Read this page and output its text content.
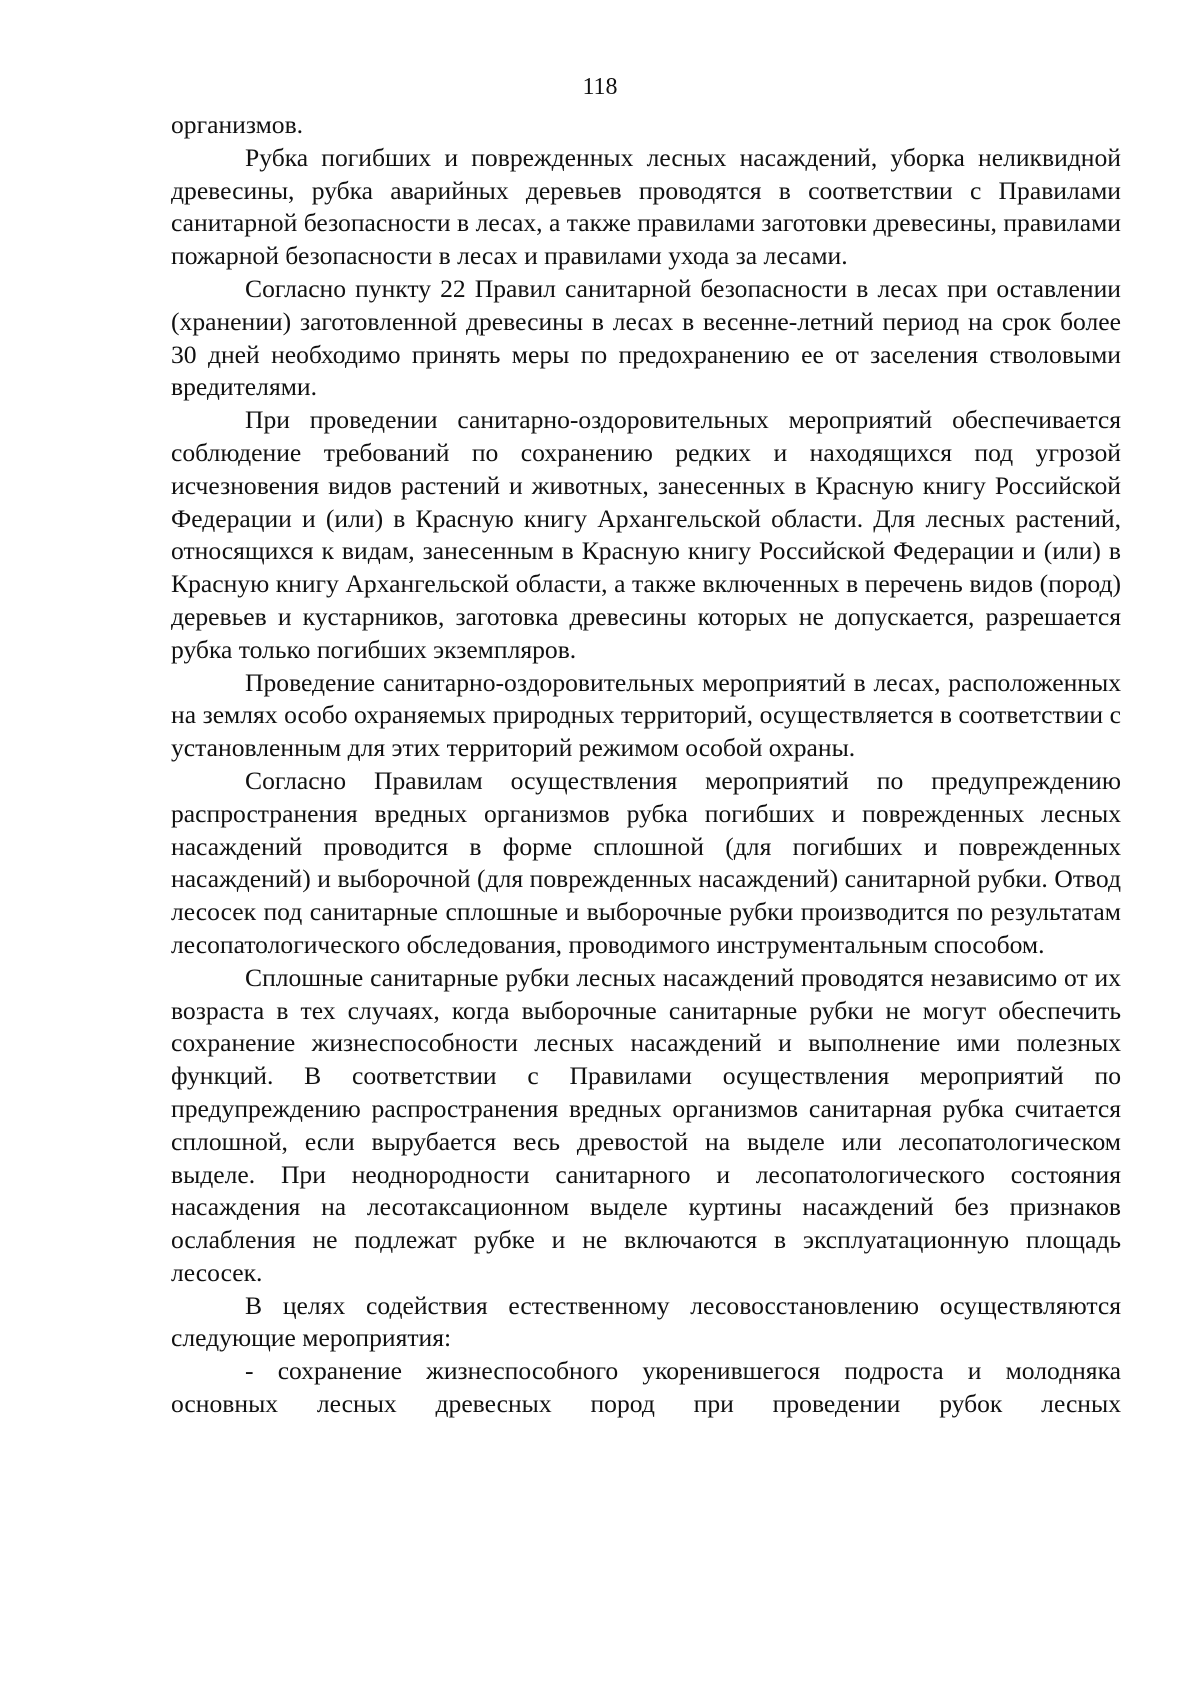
118

организмов.

Рубка погибших и поврежденных лесных насаждений, уборка неликвидной древесины, рубка аварийных деревьев проводятся в соответствии с Правилами санитарной безопасности в лесах, а также правилами заготовки древесины, правилами пожарной безопасности в лесах и правилами ухода за лесами.

Согласно пункту 22 Правил санитарной безопасности в лесах при оставлении (хранении) заготовленной древесины в лесах в весенне-летний период на срок более 30 дней необходимо принять меры по предохранению ее от заселения стволовыми вредителями.

При проведении санитарно-оздоровительных мероприятий обеспечивается соблюдение требований по сохранению редких и находящихся под угрозой исчезновения видов растений и животных, занесенных в Красную книгу Российской Федерации и (или) в Красную книгу Архангельской области. Для лесных растений, относящихся к видам, занесенным в Красную книгу Российской Федерации и (или) в Красную книгу Архангельской области, а также включенных в перечень видов (пород) деревьев и кустарников, заготовка древесины которых не допускается, разрешается рубка только погибших экземпляров.

Проведение санитарно-оздоровительных мероприятий в лесах, расположенных на землях особо охраняемых природных территорий, осуществляется в соответствии с установленным для этих территорий режимом особой охраны.

Согласно Правилам осуществления мероприятий по предупреждению распространения вредных организмов рубка погибших и поврежденных лесных насаждений проводится в форме сплошной (для погибших и поврежденных насаждений) и выборочной (для поврежденных насаждений) санитарной рубки. Отвод лесосек под санитарные сплошные и выборочные рубки производится по результатам лесопатологического обследования, проводимого инструментальным способом.

Сплошные санитарные рубки лесных насаждений проводятся независимо от их возраста в тех случаях, когда выборочные санитарные рубки не могут обеспечить сохранение жизнеспособности лесных насаждений и выполнение ими полезных функций. В соответствии с Правилами осуществления мероприятий по предупреждению распространения вредных организмов санитарная рубка считается сплошной, если вырубается весь древостой на выделе или лесопатологическом выделе. При неоднородности санитарного и лесопатологического состояния насаждения на лесотаксационном выделе куртины насаждений без признаков ослабления не подлежат рубке и не включаются в эксплуатационную площадь лесосек.

В целях содействия естественному лесовосстановлению осуществляются следующие мероприятия:

- сохранение жизнеспособного укоренившегося подроста и молодняка основных лесных древесных пород при проведении рубок лесных
